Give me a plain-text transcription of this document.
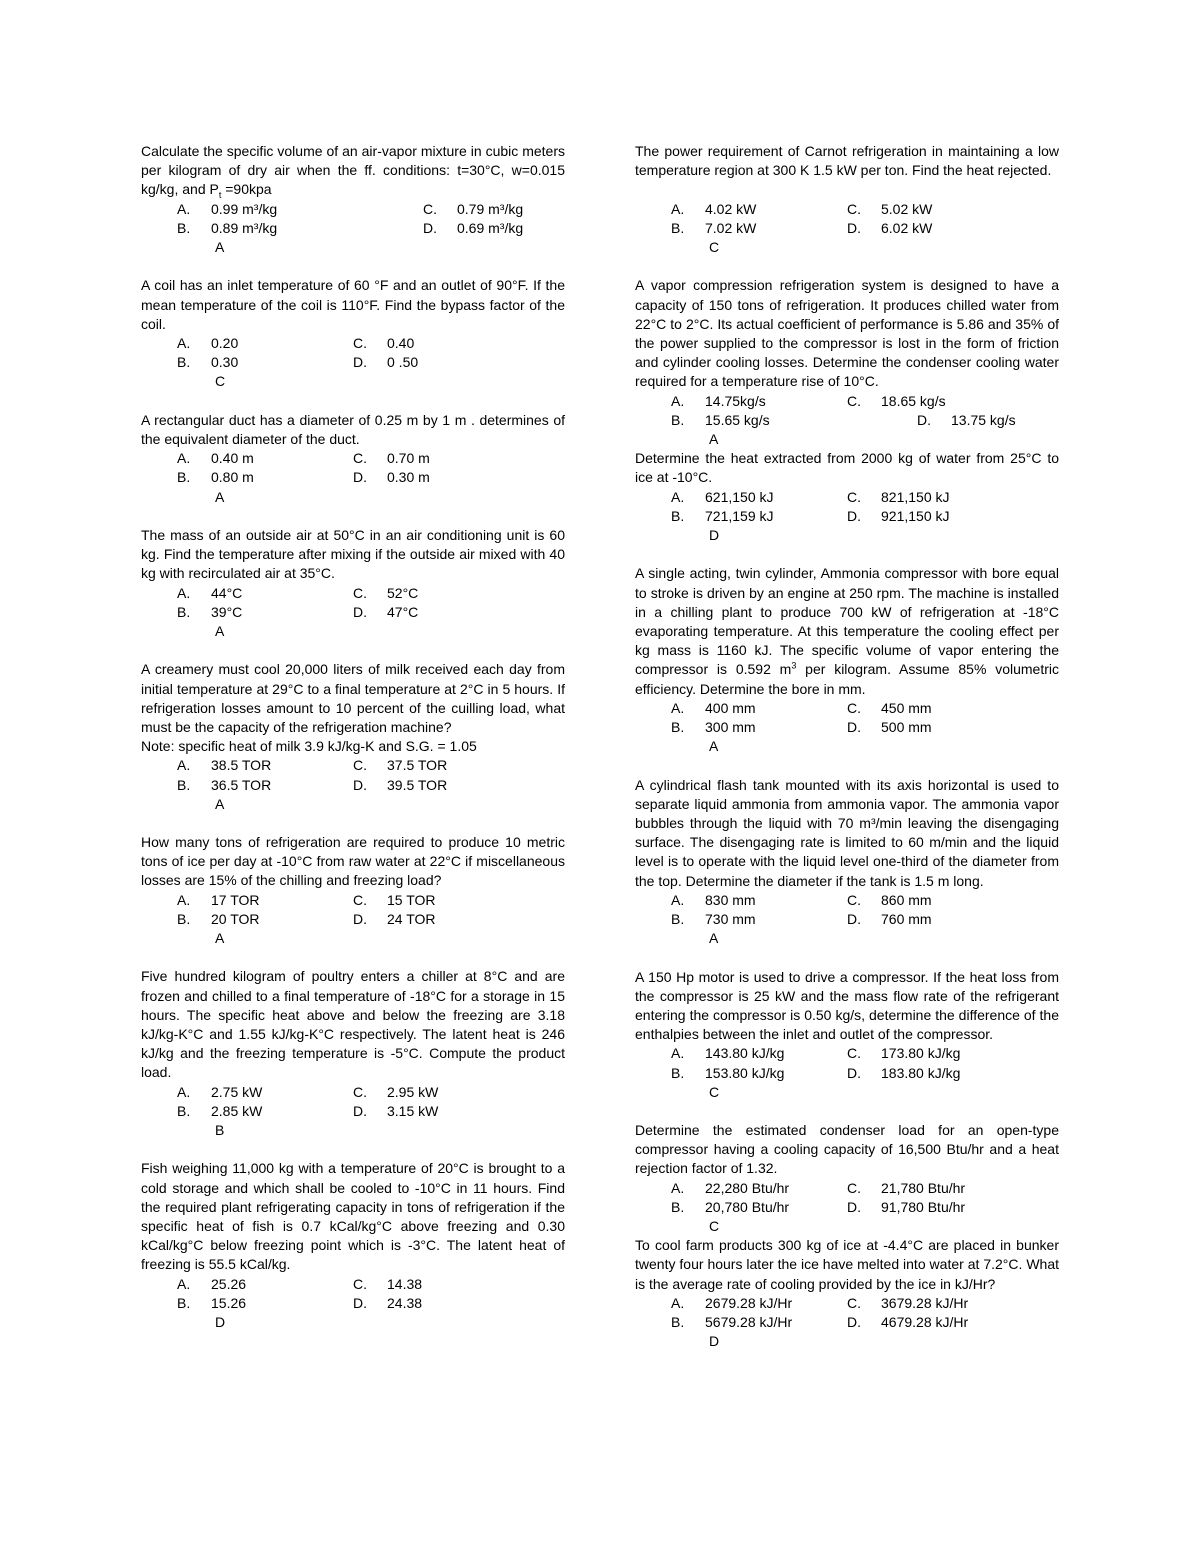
Calculate the specific volume of an air-vapor mixture in cubic meters per kilogram of dry air when the ff. conditions: t=30°C, w=0.015 kg/kg, and $P_t =90kpa$
A. 0.99 m³/kg	C. 0.79 m³/kg
B. 0.89 m³/kg	D. 0.69 m³/kg
A
A coil has an inlet temperature of 60 °F and an outlet of 90°F. If the mean temperature of the coil is 110°F. Find the bypass factor of the coil.
A. 0.20	C. 0.40
B. 0.30	D. 0 .50
C
A rectangular duct has a diameter of 0.25 m by 1 m . determines of the equivalent diameter of the duct.
A. 0.40 m	C. 0.70 m
B. 0.80 m	D. 0.30 m
A
The mass of an outside air at 50°C in an air conditioning unit is 60 kg. Find the temperature after mixing if the outside air mixed with 40 kg with recirculated air at 35°C.
A. 44°C	C. 52°C
B. 39°C	D. 47°C
A
A creamery must cool 20,000 liters of milk received each day from initial temperature at 29°C to a final temperature at 2°C in 5 hours. If refrigeration losses amount to 10 percent of the cuilling load, what must be the capacity of the refrigeration machine?
Note: specific heat of milk 3.9 kJ/kg-K and S.G. = 1.05
A. 38.5 TOR	C. 37.5 TOR
B. 36.5 TOR	D. 39.5 TOR
A
How many tons of refrigeration are required to produce 10 metric tons of ice per day at -10°C from raw water at 22°C if miscellaneous losses are 15% of the chilling and freezing load?
A. 17 TOR	C. 15 TOR
B. 20 TOR	D. 24 TOR
A
Five hundred kilogram of poultry enters a chiller at 8°C and are frozen and chilled to a final temperature of -18°C for a storage in 15 hours. The specific heat above and below the freezing are 3.18 kJ/kg-K°C and 1.55 kJ/kg-K°C respectively. The latent heat is 246 kJ/kg and the freezing temperature is -5°C. Compute the product load.
A. 2.75 kW	C. 2.95 kW
B. 2.85 kW	D. 3.15 kW
B
Fish weighing 11,000 kg with a temperature of 20°C is brought to a cold storage and which shall be cooled to -10°C in 11 hours. Find the required plant refrigerating capacity in tons of refrigeration if the specific heat of fish is 0.7 kCal/kg°C above freezing and 0.30 kCal/kg°C below freezing point which is -3°C. The latent heat of freezing is 55.5 kCal/kg.
A. 25.26	C. 14.38
B. 15.26	D. 24.38
D
The power requirement of Carnot refrigeration in maintaining a low temperature region at 300 K 1.5 kW per ton. Find the heat rejected.
A. 4.02 kW	C. 5.02 kW
B. 7.02 kW	D. 6.02 kW
C
A vapor compression refrigeration system is designed to have a capacity of 150 tons of refrigeration. It produces chilled water from 22°C to 2°C. Its actual coefficient of performance is 5.86 and 35% of the power supplied to the compressor is lost in the form of friction and cylinder cooling losses. Determine the condenser cooling water required for a temperature rise of 10°C.
A. 14.75kg/s	C. 18.65 kg/s
B. 15.65 kg/s	D. 13.75 kg/s
A
Determine the heat extracted from 2000 kg of water from 25°C to ice at -10°C.
A. 621,150 kJ	C. 821,150 kJ
B. 721,159 kJ	D. 921,150 kJ
D
A single acting, twin cylinder, Ammonia compressor with bore equal to stroke is driven by an engine at 250 rpm. The machine is installed in a chilling plant to produce 700 kW of refrigeration at -18°C evaporating temperature. At this temperature the cooling effect per kg mass is 1160 kJ. The specific volume of vapor entering the compressor is 0.592 $m^3$ per kilogram. Assume 85% volumetric efficiency. Determine the bore in mm.
A. 400 mm	C. 450 mm
B. 300 mm	D. 500 mm
A
A cylindrical flash tank mounted with its axis horizontal is used to separate liquid ammonia from ammonia vapor. The ammonia vapor bubbles through the liquid with 70 m³/min leaving the disengaging surface. The disengaging rate is limited to 60 m/min and the liquid level is to operate with the liquid level one-third of the diameter from the top. Determine the diameter if the tank is 1.5 m long.
A. 830 mm	C. 860 mm
B. 730 mm	D. 760 mm
A
A 150 Hp motor is used to drive a compressor. If the heat loss from the compressor is 25 kW and the mass flow rate of the refrigerant entering the compressor is 0.50 kg/s, determine the difference of the enthalpies between the inlet and outlet of the compressor.
A. 143.80 kJ/kg	C. 173.80 kJ/kg
B. 153.80 kJ/kg	D. 183.80 kJ/kg
C
Determine the estimated condenser load for an open-type compressor having a cooling capacity of 16,500 Btu/hr and a heat rejection factor of 1.32.
A. 22,280 Btu/hr	C. 21,780 Btu/hr
B. 20,780 Btu/hr	D. 91,780 Btu/hr
C
To cool farm products 300 kg of ice at -4.4°C are placed in bunker twenty four hours later the ice have melted into water at 7.2°C. What is the average rate of cooling provided by the ice in kJ/Hr?
A. 2679.28 kJ/Hr	C. 3679.28 kJ/Hr
B. 5679.28 kJ/Hr	D. 4679.28 kJ/Hr
D
